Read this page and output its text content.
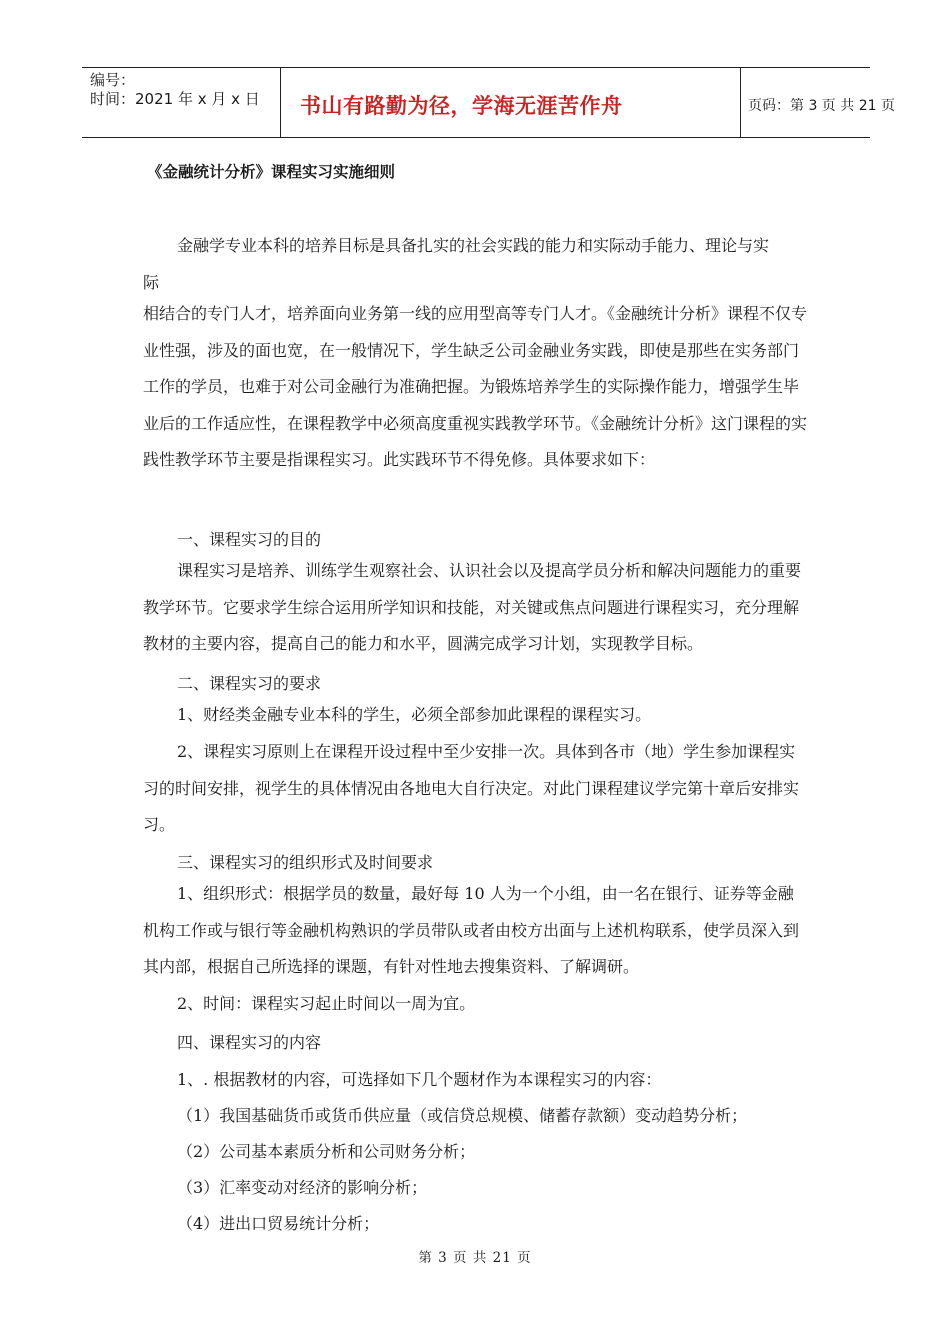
编号：
时间：2021 年 x 月 x 日 书山有路勤为径，学海无涯苦作舟	页码：第 3 页 共 21 页
《金融统计分析》课程实习实施细则
金融学专业本科的培养目标是具备扎实的社会实践的能力和实际动手能力、理论与实
际

相结合的专门人才，培养面向业务第一线的应用型高等专门人才。《金融统计分析》课程不仅专业性强，涉及的面也宽，在一般情况下，学生缺乏公司金融业务实践，即使是那些在实务部门工作的学员，也难于对公司金融行为准确把握。为锻炼培养学生的实际操作能力，增强学生毕业后的工作适应性，在课程教学中必须高度重视实践教学环节。《金融统计分析》这门课程的实践性教学环节主要是指课程实习。此实践环节不得免修。具体要求如下：

一、课程实习的目的

课程实习是培养、训练学生观察社会、认识社会以及提高学员分析和解决问题能力的重要教学环节。它要求学生综合运用所学知识和技能，对关键或焦点问题进行课程实习，充分理解教材的主要内容，提高自己的能力和水平，圆满完成学习计划，实现教学目标。

二、课程实习的要求

1、财经类金融专业本科的学生，必须全部参加此课程的课程实习。

2、课程实习原则上在课程开设过程中至少安排一次。具体到各市（地）学生参加课程实习的时间安排，视学生的具体情况由各地电大自行决定。对此门课程建议学完第十章后安排实习。

三、课程实习的组织形式及时间要求

1、组织形式：根据学员的数量，最好每 10 人为一个小组，由一名在银行、证券等金融机构工作或与银行等金融机构熟识的学员带队或者由校方出面与上述机构联系，使学员深入到其内部，根据自己所选择的课题，有针对性地去搜集资料、了解调研。

2、时间：课程实习起止时间以一周为宜。

四、课程实习的内容
1、. 根据教材的内容，可选择如下几个题材作为本课程实习的内容：
（1）我国基础货币或货币供应量（或信贷总规模、储蓄存款额）变动趋势分析；
（2）公司基本素质分析和公司财务分析；
（3）汇率变动对经济的影响分析；
（4）进出口贸易统计分析；
第 3 页 共 21 页
